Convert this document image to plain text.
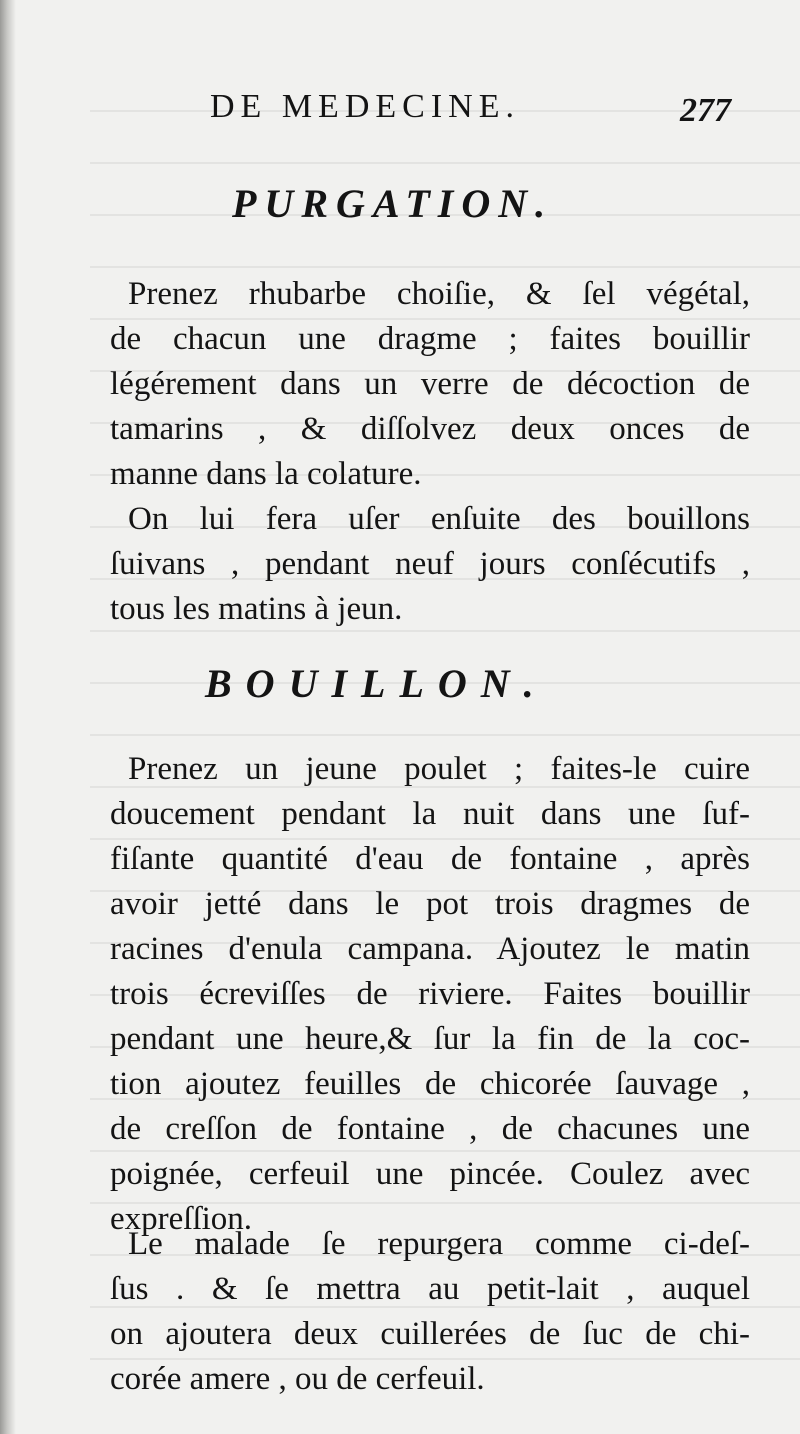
DE MEDECINE.	277
PURGATION.
Prenez rhubarbe choiſie, & ſel végétal,
de chacun une dragme ; faites bouillir
légérement dans un verre de décoction de
tamarins , & diſſolvez deux onces de
manne dans la colature.
On lui fera uſer enſuite des bouillons
ſuivans , pendant neuf jours conſécutifs ,
tous les matins à jeun.
BOUILLON.
Prenez un jeune poulet ; faites-le cuire
doucement pendant la nuit dans une ſuf-
fiſante quantité d'eau de fontaine , après
avoir jetté dans le pot trois dragmes de
racines d'enula campana. Ajoutez le matin
trois écreviſſes de riviere. Faites bouillir
pendant une heure,& ſur la fin de la coc-
tion ajoutez feuilles de chicorée ſauvage ,
de creſſon de fontaine , de chacunes une
poignée, cerfeuil une pincée. Coulez avec
expreſſion.
Le malade ſe repurgera comme ci-deſ-
ſus . & ſe mettra au petit-lait , auquel
on ajoutera deux cuillerées de ſuc de chi-
corée amere , ou de cerfeuil.
